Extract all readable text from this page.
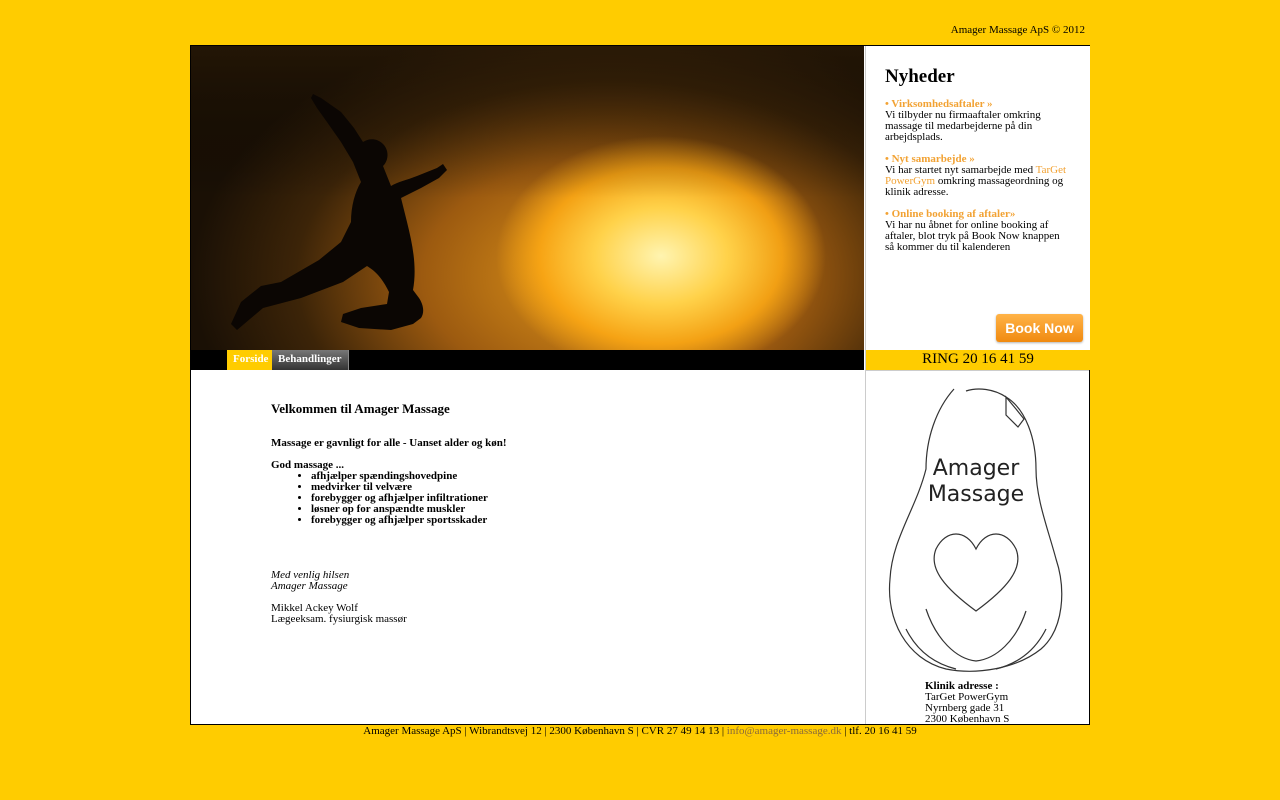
Amager Massage ApS © 2012
Nyheder
• Virksomhedsaftaler »
Vi tilbyder nu firmaaftaler omkring massage til medarbejderne på din arbejdsplads.
• Nyt samarbejde »
Vi har startet nyt samarbejde med TarGet PowerGym omkring massageordning og klinik adresse.
• Online booking af aftaler»
Vi har nu åbnet for online booking af aftaler, blot tryk på Book Now knappen så kommer du til kalenderen
Book Now
Forside Behandlinger	RING 20 16 41 59
Velkommen til Amager Massage
Massage er gavnligt for alle - Uanset alder og køn!

God massage ...
• afhjælper spændingshovedpine
• medvirker til velvære
• forebygger og afhjælper infiltrationer
• løsner op for anspændte muskler
• forebygger og afhjælper sportsskader
Med venlig hilsen
Amager Massage

Mikkel Ackey Wolf
Lægeeksam. fysiurgisk massør
Amager
Massage
Klinik adresse :
TarGet PowerGym
Nyrnberg gade 31
2300 København S
Amager Massage ApS | Wibrandtsvej 12 | 2300 København S | CVR 27 49 14 13 | info@amager-massage.dk | tlf. 20 16 41 59
